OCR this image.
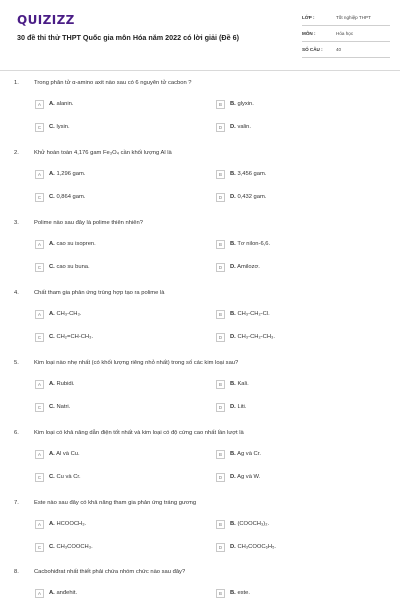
QUIZIZZ
30 đề thi thử THPT Quốc gia môn Hóa năm 2022 có lời giải (Đề 6)
LỚP :	Tốt nghiệp THPT
MÔN :	Hóa học
SỐ CÂU :	40
1.	Trong phân tử α-amino axit nào sau có 6 nguyên tử cacbon ?
A	A. alanin.	B	B. glyxin.
C	C. lysin.	D	D. valin.
2.	Khử hoàn toàn 4,176 gam Fe₃O₄ cần khối lượng Al là
A	A. 1,296 gam.	B	B. 3,456 gam.
C	C. 0,864 gam.	D	D. 0,432 gam.
3.	Polime nào sau đây là polime thiên nhiên?
A	A. cao su isopren.	B	B. Tơ nilon-6,6.
C	C. cao su buna.	D	D. Amilozơ.
4.	Chất tham gia phản ứng trùng hợp tạo ra polime là
A	A. CH₃-CH₃.	B	B. CH₃-CH₂-Cl.
C	C. CH₂=CH-CH₃.	D	D. CH₃-CH₂-CH₃.
5.	Kim loại nào nhẹ nhất (có khối lượng riêng nhỏ nhất) trong số các kim loại sau?
A	A. Rubidi.	B	B. Kali.
C	C. Natri.	D	D. Liti.
6.	Kim loại có khả năng dẫn điện tốt nhất và kim loại có độ cứng cao nhất lần lượt là
A	A. Al và Cu.	B	B. Ag và Cr.
C	C. Cu và Cr.	D	D. Ag và W.
7.	Este nào sau đây có khả năng tham gia phản ứng tráng gương
A	A. HCOOCH₃.	B	B. (COOCH₃)₂.
C	C. CH₃COOCH₃.	D	D. CH₃COOC₆H₅.
8.	Cacbohiđrat nhất thiết phải chứa nhóm chức nào sau đây?
A	A. anđehit.	B	B. este.
